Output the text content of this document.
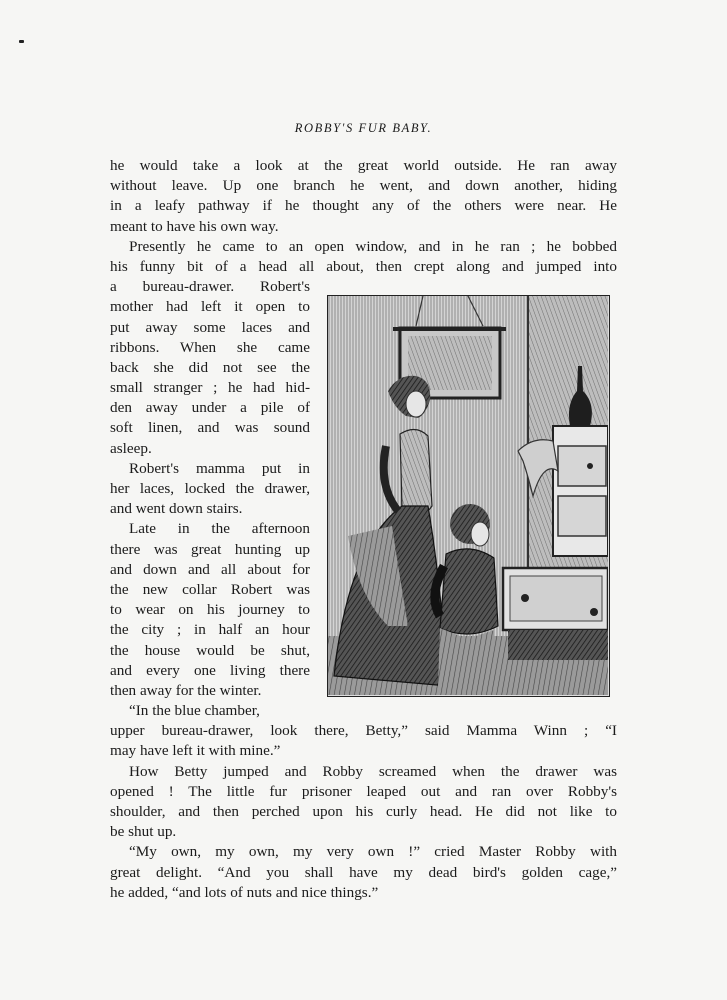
ROBBY'S FUR BABY.

he would take a look at the great world outside. He ran away
without leave. Up one branch he went, and down another, hiding
in a leafy pathway if he thought any of the others were near. He
meant to have his own way.

Presently he came to an open window, and in he ran ; he bobbed
his funny bit of a head all about, then crept along and jumped into
a bureau-drawer. Robert's
mother had left it open to
put away some laces and
ribbons. When she came
back she did not see the
small stranger ; he had hid-
den away under a pile of
soft linen, and was sound
asleep.

Robert's mamma put in
her laces, locked the drawer,
and went down stairs.

Late in the afternoon
there was great hunting up
and down and all about for
the new collar Robert was
to wear on his journey to
the city ; in half an hour
the house would be shut,
and every one living there
then away for the winter.

“In the blue chamber,
upper bureau-drawer, look there, Betty,” said Mamma Winn ; “I
may have left it with mine.”

How Betty jumped and Robby screamed when the drawer was
opened ! The little fur prisoner leaped out and ran over Robby's
shoulder, and then perched upon his curly head. He did not like to
be shut up.

“My own, my own, my very own !” cried Master Robby with
great delight. “And you shall have my dead bird's golden cage,”
he added, “and lots of nuts and nice things.”
